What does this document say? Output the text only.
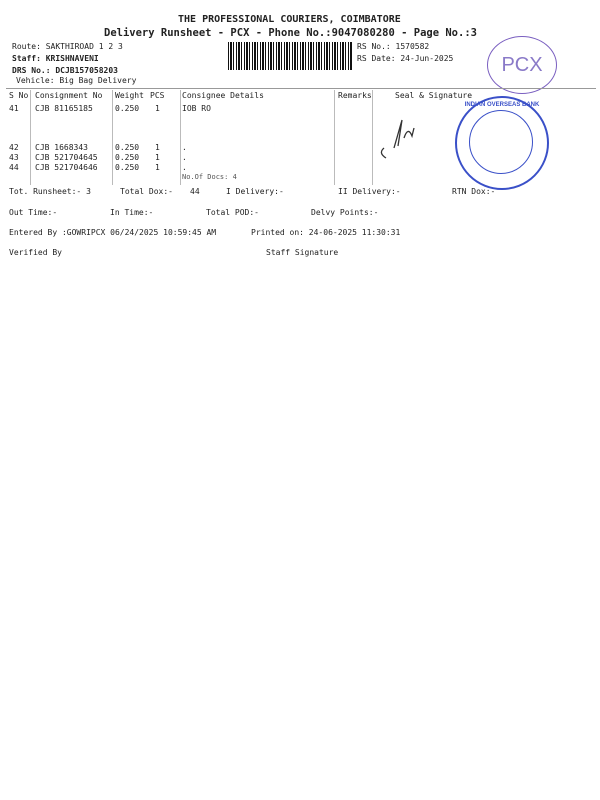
THE PROFESSIONAL COURIERS, COIMBATORE
Delivery Runsheet - PCX - Phone No.:9047080280 - Page No.:3
Route: SAKTHIROAD 1 2 3
Staff: KRISHNAVENI
DRS No.: DCJB157058203
Vehicle: Big Bag Delivery
RS No.: 1570582
RS Date: 24-Jun-2025	PCX
S No Consignment No Weight PCS Consignee Details	Remarks	Seal & Signature
41 CJB 81165185	0.250 1	IOB RO
42 CJB 1668343	0.250 1	.
43 CJB 521704645 0.250 1	.
44 CJB 521704646 0.250 1	.
No.Of Docs: 4
INDIAN OVERSEAS BANK
Tot. Runsheet:- 3	Total Dox:- 44	I Delivery:-	II Delivery:-	RTN Dox:-
Out Time:-	In Time:-	Total POD:-	Delvy Points:-
Entered By :GOWRIPCX 06/24/2025 10:59:45 AM	Printed on: 24-06-2025 11:30:31
Verified By	Staff Signature
